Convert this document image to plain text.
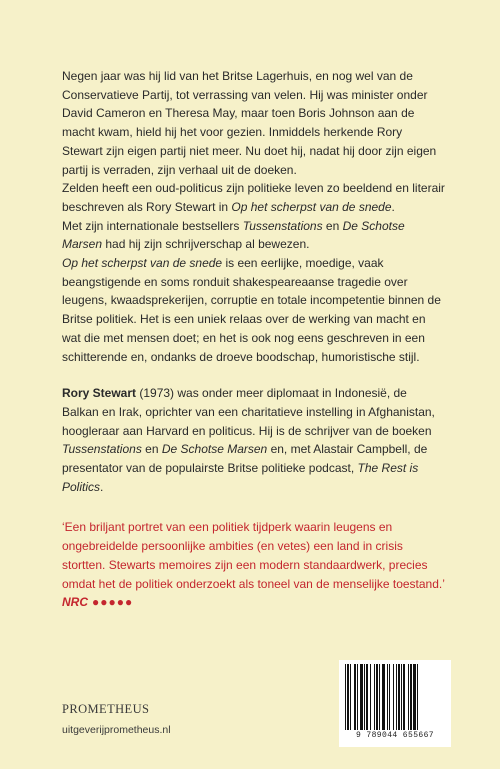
Negen jaar was hij lid van het Britse Lagerhuis, en nog wel van de Conservatieve Partij, tot verrassing van velen. Hij was minister onder David Cameron en Theresa May, maar toen Boris Johnson aan de macht kwam, hield hij het voor gezien. Inmiddels herkende Rory Stewart zijn eigen partij niet meer. Nu doet hij, nadat hij door zijn eigen partij is verraden, zijn verhaal uit de doeken.
Zelden heeft een oud-politicus zijn politieke leven zo beeldend en literair beschreven als Rory Stewart in Op het scherpst van de snede.
Met zijn internationale bestsellers Tussenstations en De Schotse Marsen had hij zijn schrijverschap al bewezen.
Op het scherpst van de snede is een eerlijke, moedige, vaak beangstigende en soms ronduit shakespeareaanse tragedie over leugens, kwaadsprekerijen, corruptie en totale incompetentie binnen de Britse politiek. Het is een uniek relaas over de werking van macht en wat die met mensen doet; en het is ook nog eens geschreven in een schitterende en, ondanks de droeve boodschap, humoristische stijl.

Rory Stewart (1973) was onder meer diplomaat in Indonesië, de Balkan en Irak, oprichter van een charitatieve instelling in Afghanistan, hoogleraar aan Harvard en politicus. Hij is de schrijver van de boeken Tussenstations en De Schotse Marsen en, met Alastair Campbell, de presentator van de populairste Britse politieke podcast, The Rest is Politics.

‘Een briljant portret van een politiek tijdperk waarin leugens en ongebreidelde persoonlijke ambities (en vetes) een land in crisis stortten. Stewarts memoires zijn een modern standaardwerk, precies omdat het de politiek onderzoekt als toneel van de menselijke toestand.’
NRC ●●●●●

PROMETHEUS
uitgeverijprometheus.nl	9 789044 655667
